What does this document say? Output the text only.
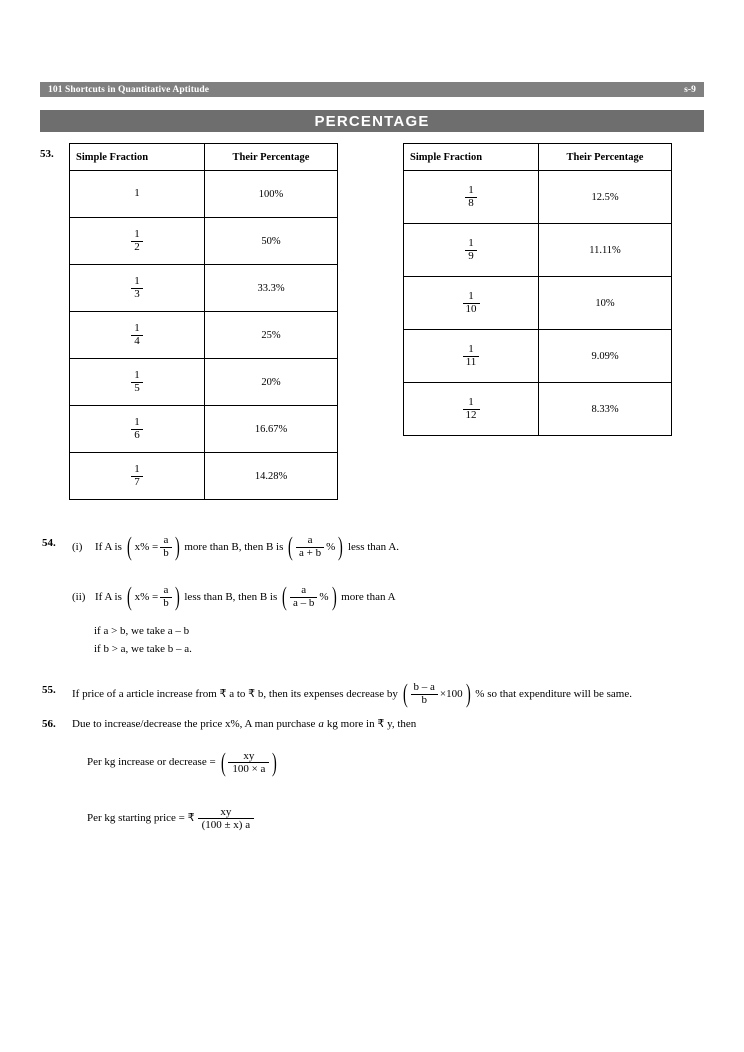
101 Shortcuts in Quantitative Aptitude	s-9
PERCENTAGE
53. Simple Fraction	Their Percentage

1	100%

$\frac{1}{2}$	50%

$\frac{1}{3}$	33.3%

$\frac{1}{4}$	25%

$\frac{1}{5}$	20%

$\frac{1}{6}$	16.67%

$\frac{1}{7}$	14.28%
Simple Fraction	Their Percentage

$\frac{1}{8}$	12.5%

$\frac{1}{9}$	11.11%

$\frac{1}{10}$	10%

$\frac{1}{11}$	9.09%

$\frac{1}{12}$	8.33%
54. (i)	If A is ( $x\% = \frac{a}{b}$ ) more than B, then B is ( $\frac{a}{a + b}$ % ) less than A.
(ii) If A is ( $x\% = \frac{a}{b}$ ) less than B, then B is ( $\frac{a}{a - b}$ % ) more than A
if a > b, we take a – b
if b > a, we take b – a.
55. If price of a article increase from ₹ a to ₹ b, then its expenses decrease by ( $\frac{b - a}{b} \times 100$ ) % so that expenditure will be same.
56. Due to increase/decrease the price x%, A man purchase a kg more in ₹ y, then
Per kg increase or decrease = ( $\frac{xy}{100 \times a}$ )
Per kg starting price = ₹ $\frac{xy}{(100 \pm x) a}$
